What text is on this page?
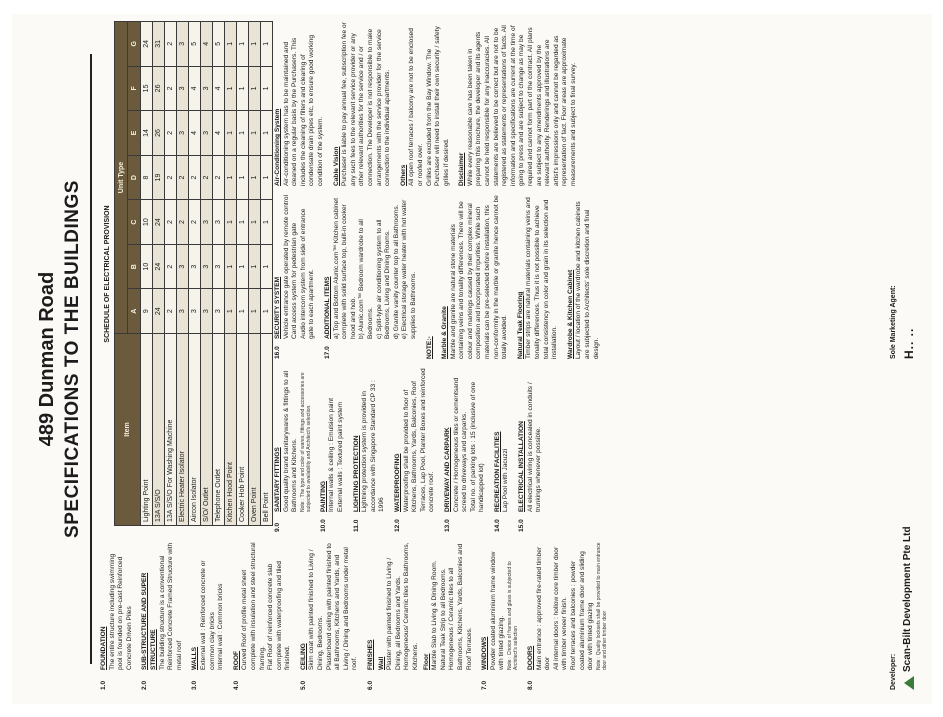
489 Dunman Road SPECIFICATIONS TO THE BUILDINGS	SCHEDULE OF ELECTRICAL PROVISION
1.0
FOUNDATION The entire structure including swimming pool is founded on pre-cast Reinforced Concrete Driven Piles
2.0
SUB-STRUCTURE AND SUPER STRUCTURE The building structure is a conventional Reinforced Concrete Framed Structure with metal roof
3.0
WALLS External wall : Reinforced concrete or common clay bricks Internal wall : Common bricks
4.0
ROOF Curved Roof of profile metal sheet complete with insulation and steel structural framing. Flat Roof of reinforced concrete slab complete with waterproofing and tiled finished.
5.0
CEILING Skim coat with painted finished to Living / Dining, Bedrooms. Plasterboard ceiling with painted finished to all Bathrooms, Kitchens and Yards, and Living / Dining and Bedrooms under metal roof.
6.0
FINISHES Wall Plaster with painted finished to Living / Dining, all Bedrooms and Yards. Homogeneous/ Ceramic tiles to Bathrooms, Kitchens. Floor Marble Slab to Living & Dining Room. Natural Teak Strip to all Bedrooms. Homogeneous / Ceramic tiles to all Bathrooms, Kitchens, Yards, Balconies and Roof Terraces.
7.0
WINDOWS Powder coated aluminium frame window with tinted glazing. Note : Choice of frames and glass is subjected to Architect's selection
8.0
DOORS Main entrance : approved fire-rated timber door All internal doors : hollow core timber door with timber veneer finish. Roof terraces and balconies : powder coated aluminium frame door and sliding door with tinted glazing Note : Quality locksets shall be provided to main entrance door and other timber door
Item	Unit Type						
	A	B	C	D	E	F	G
Lighting Point	9	10	10	8	14	15	24
13A S/S/O	24	24	24	19	26	26	31
13A S/S/O For Washing Machine	2	2	2	2	2	2	2
Electric Heater Isolator	3	3	2	2	3	3	3
Aircon Isolator	3	3	2	2	4	4	5
S/O/ Outlet	3	3	3	2	3	3	4
Telephone Outlet	3	3	3	2	4	4	5
Kitchen Hood Point	1	1	1	1	1	1	1
Cooker Hob Point	1	1	1	1	1	1	1
Oven Point	1	1	1	1	1	1	1
Bell Point	1	1	1	1	1	1	1
9.0
SANITARY FITTINGS Good quality brand sanitarywares & fittings to all Bathrooms and Kitchens. Note : The type and color of wares, fittings and accessories are subjected to availability and Architect's selection.
10.0
PAINTING Internal walls & ceiling : Emulsion paint External walls : Textured paint system
11.0
LIGHTING PROTECTION Lightning protection system is provided in accordance with Singapore Standard CP 33 : 1996
12.0
WATERPROOFING Waterproofing shall be provided to floor of Kitchens, Bathrooms, Yards, Balconies, Roof Terraces, Lap Pool, Planter Boxes and reinforced concrete roof.
13.0
DRIVEWAY AND CARPARK Concrete / Homogeneous tiles or cementsand screed to driveways and carparks. Total no. of parking lots : 15 (inclusive of one handicapped lot)
14.0
RECREATION FACILITIES Lap Pool with Jacuzzi
15.0
ELECTRICAL INSTALLATION All electrical wiring is concealed in conduits / trunkings whenever possible.
16.0
SECURITY SYSTEM Vehicle entrance gate operated by remote control Card access system for pedestrian gate Audio intercom system from side of entrance gate to each apartment.
17.0
ADDITIONAL ITEMS a) Top and Bottom Alunic.com™ Kitchen cabinet complete with solid surface top, built-in cooker hood and hob. b) Alunic.com™ Bedroom wardrobe to all Bedrooms. c) Split-type air conditioning system to all Bedrooms, Living and Dining Rooms. d) Granite vanity counter top to all Bathrooms. e) Electrical storage water heater with hot water supplies to Bathrooms.
NOTE:- Marble & Granite Marble and granite are natural stone materials containing veins and tonality differences. There will be colour and markings caused by their complex mineral composition and incorporated impurities. While such materials can be pre-selected before installation, this non-conformity in the marble or granite hence cannot be totally avoided. Natural Teak Flooring Timber strips are natural materials containing veins and tonality differences. Thus it is not possible to achieve total consistency on color and grain in its selection and installation. Wardrobe & Kitchen Cabinet Layout / location of the wardrobe and kitchen cabinets are subjected to Architects' sole discretion and final design.
Air-Conditioning System Air-conditioning system has to be maintained and cleaned on a regular basis by the Purchasers. This includes the cleaning of filters and clearing of condensate drain pipes etc, to ensure good working condition of the system. Cable Vision Purchaser is liable to pay annual fee, subscription fee or any such fees to the relevant service provider or any other relevant authorities for the service and / or connection. The Developer is not responsible to make arrangements with the service provider for the service connection to the individual apartments. Others All open roof terraces / balcony are not to be enclosed or roofed over. Grilles are excluded from the Bay Window. The Purchaser will need to install their own security / safety grilles if desired. Disclaimer While every reasonable care has been taken in preparing this brochure, the developer and its agents cannot be held responsible for any inaccuracies. All statements are believed to be correct but are not to be registered as statements or representations of facts. All information and specifications are current at the time of going to press and are subject to change as may be required and cannot form part of the contract. All plans are subject to any amendments approved by the relevant authority. Renderings and illustrations are artist's impressions only and cannot be regarded as representation of fact. Floor areas are approximate measurements and subject to final survey.
Developer: Scan-Bilt Development Pte Ltd
Sole Marketing Agent: H.. ..
